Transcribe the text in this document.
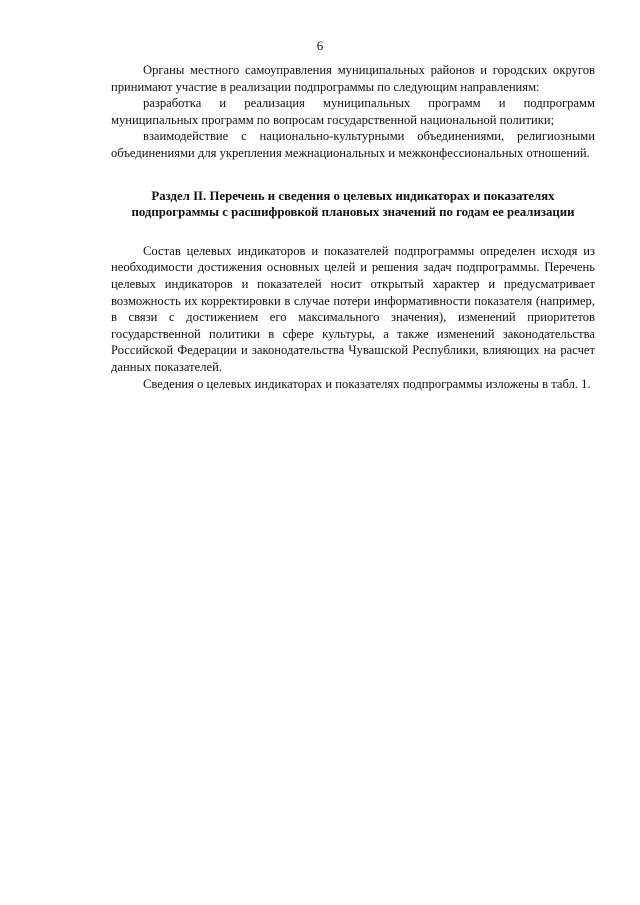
6

Органы местного самоуправления муниципальных районов и городских округов принимают участие в реализации подпрограммы по следующим направлениям:

разработка и реализация муниципальных программ и подпрограмм муниципальных программ по вопросам государственной национальной политики;

взаимодействие с национально-культурными объединениями, религиозными объединениями для укрепления межнациональных и межконфессиональных отношений.

Раздел II. Перечень и сведения о целевых индикаторах и показателях
подпрограммы с расшифровкой плановых значений по годам ее реализации

Состав целевых индикаторов и показателей подпрограммы определен исходя из необходимости достижения основных целей и решения задач подпрограммы. Перечень целевых индикаторов и показателей носит открытый характер и предусматривает возможность их корректировки в случае потери информативности показателя (например, в связи с достижением его максимального значения), изменений приоритетов государственной политики в сфере культуры, а также изменений законодательства Российской Федерации и законодательства Чувашской Республики, влияющих на расчет данных показателей.

Сведения о целевых индикаторах и показателях подпрограммы изложены в табл. 1.
